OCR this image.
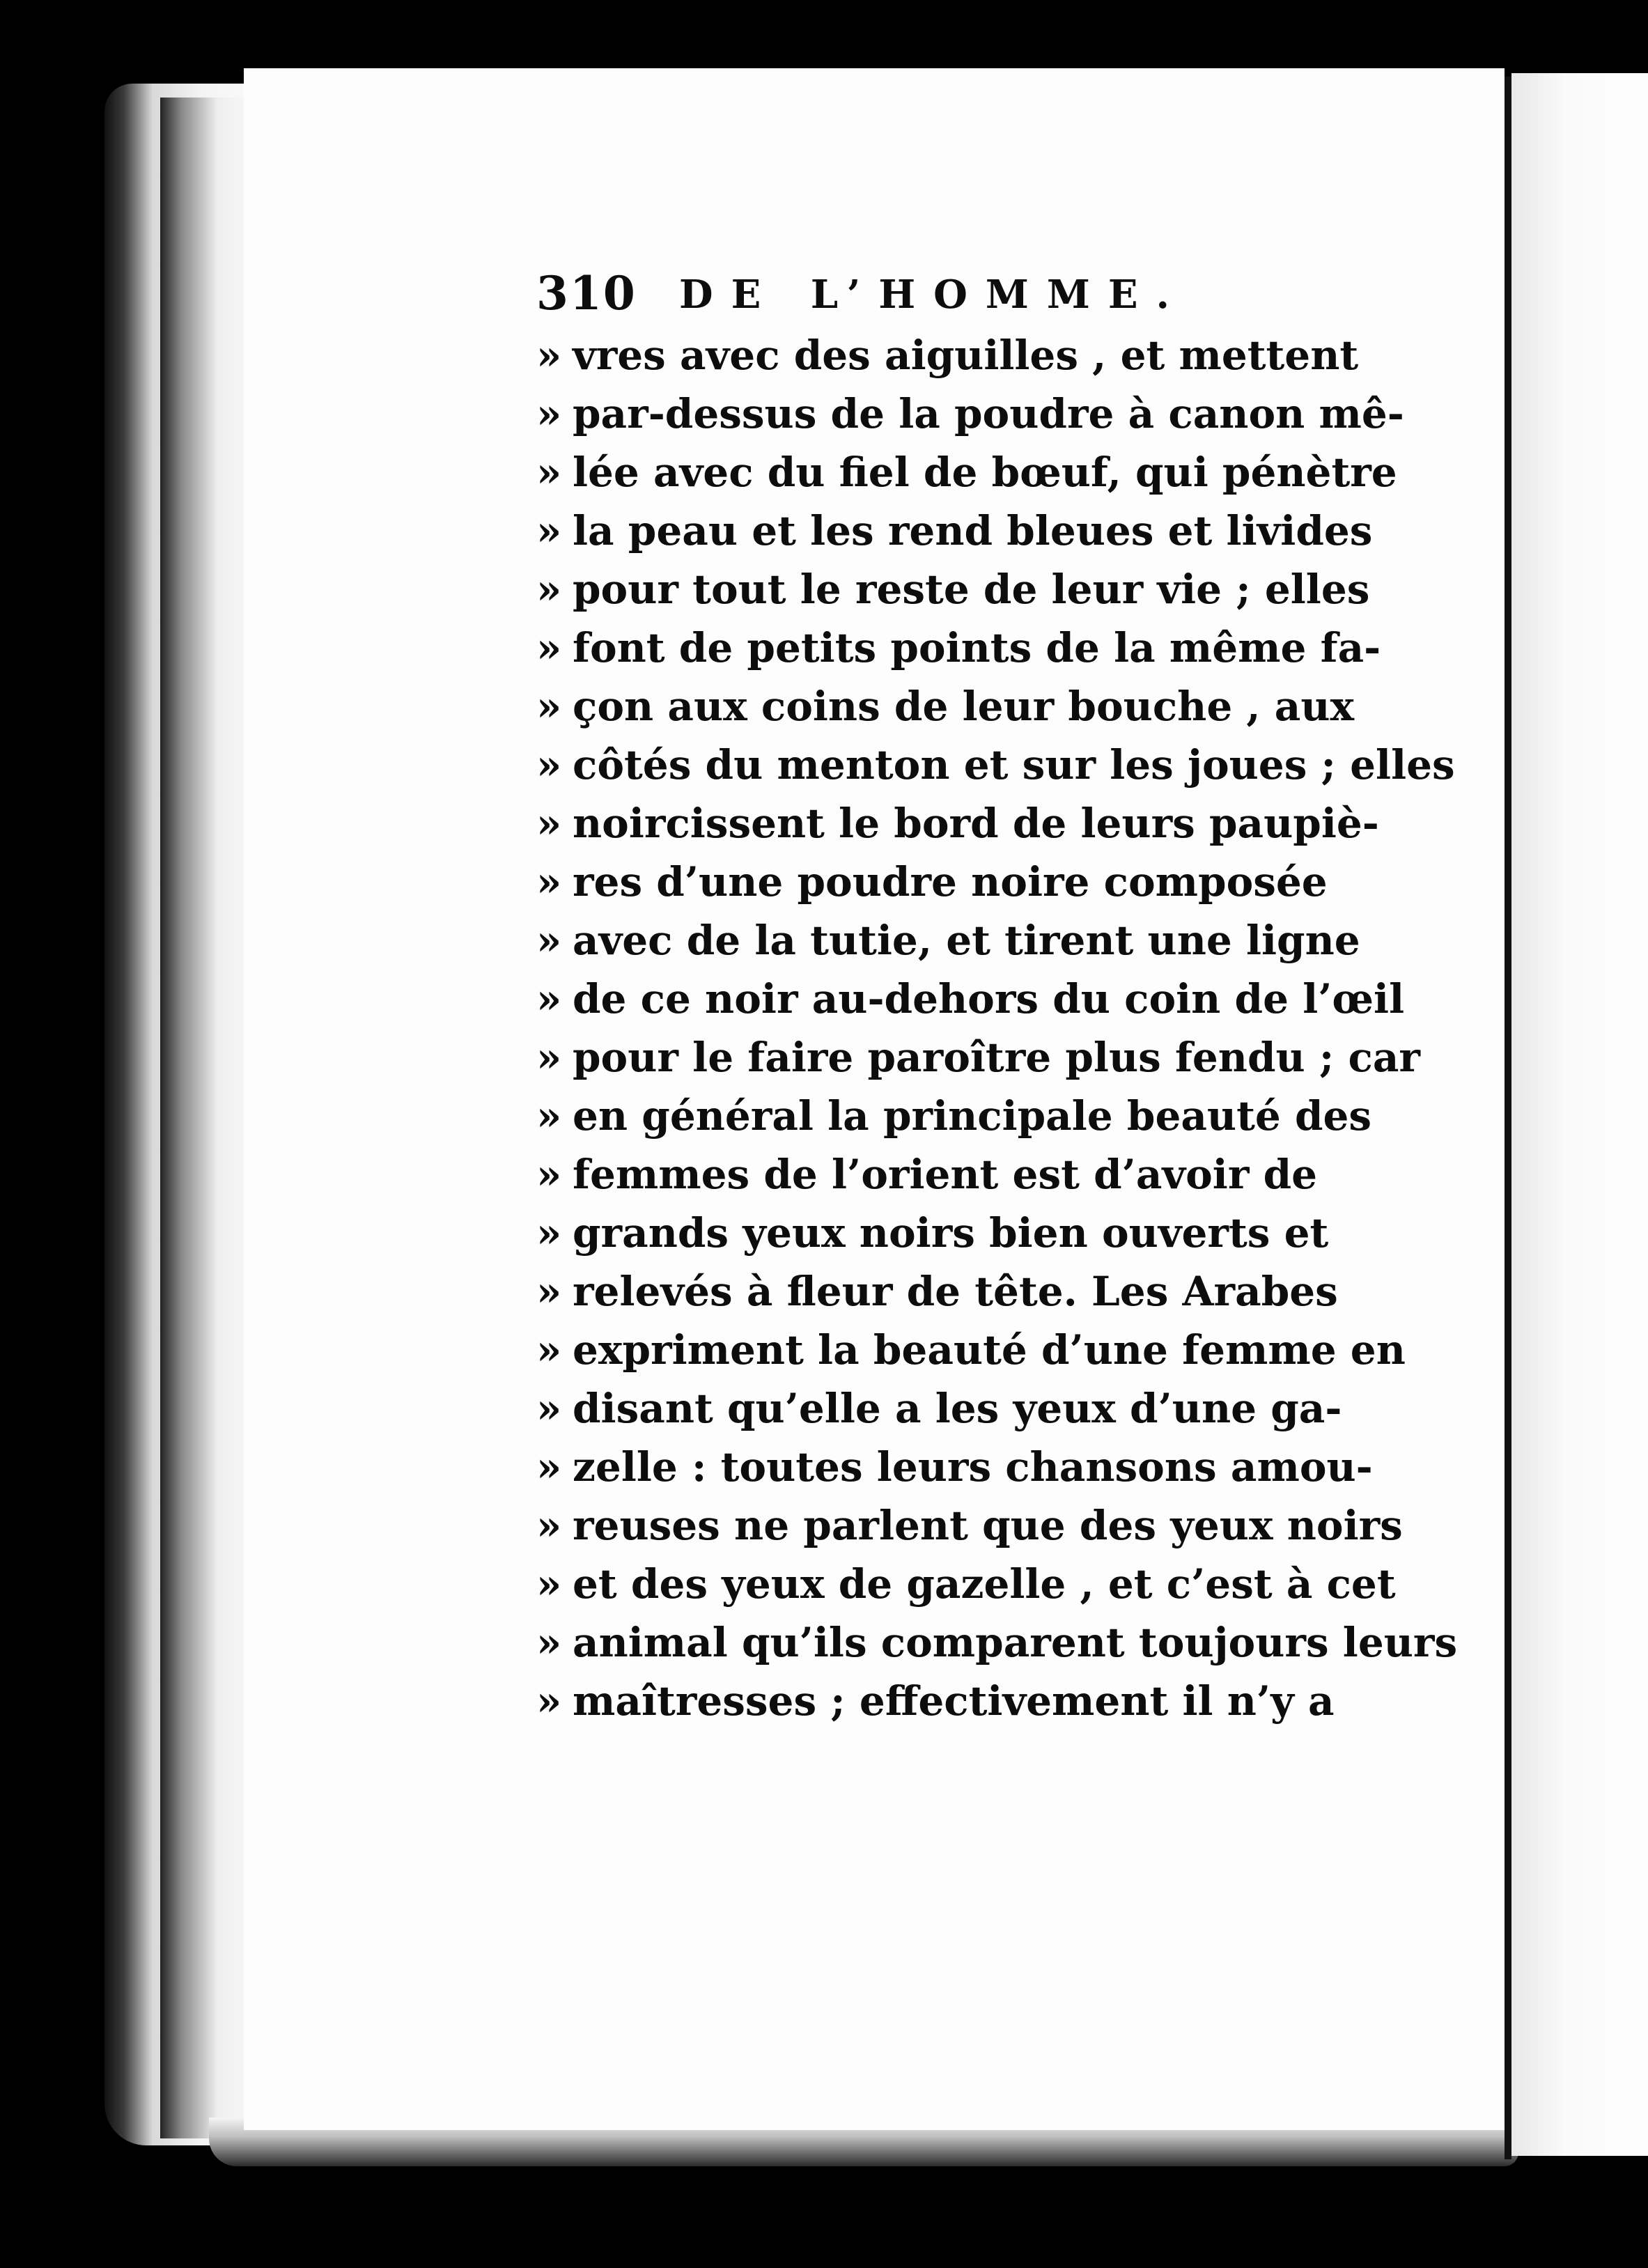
310 DE L’HOMME.
» vres avec des aiguilles , et mettent
» par-dessus de la poudre à canon mê-
» lée avec du fiel de bœuf, qui pénètre
» la peau et les rend bleues et livides
» pour tout le reste de leur vie ; elles
» font de petits points de la même fa-
» çon aux coins de leur bouche , aux
» côtés du menton et sur les joues ; elles
» noircissent le bord de leurs paupiè-
» res d’une poudre noire composée
» avec de la tutie, et tirent une ligne
» de ce noir au-dehors du coin de l’œil
» pour le faire paroître plus fendu ; car
» en général la principale beauté des
» femmes de l’orient est d’avoir de
» grands yeux noirs bien ouverts et
» relevés à fleur de tête. Les Arabes
» expriment la beauté d’une femme en
» disant qu’elle a les yeux d’une ga-
» zelle : toutes leurs chansons amou-
» reuses ne parlent que des yeux noirs
» et des yeux de gazelle , et c’est à cet
» animal qu’ils comparent toujours leurs
» maîtresses ; effectivement il n’y a
